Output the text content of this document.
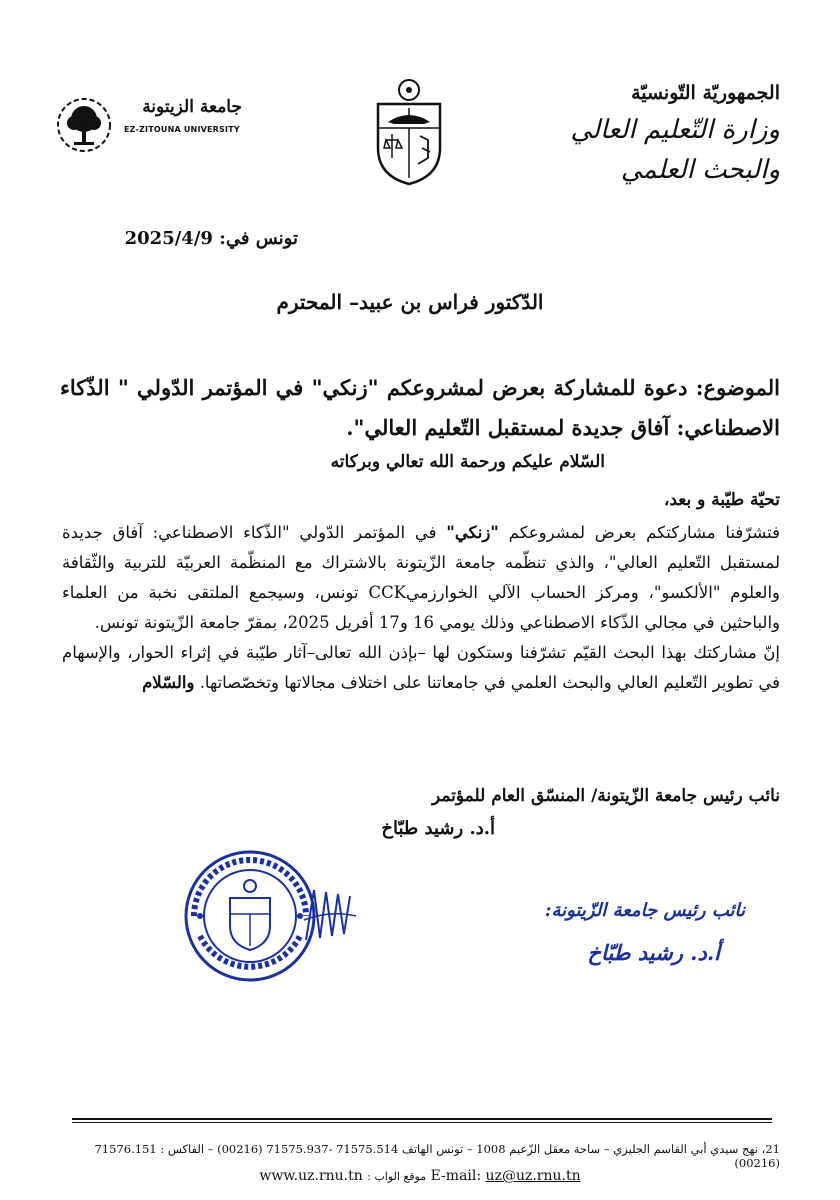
الجمهوريّة التّونسيّة
وزارة التّعليم العالي
والبحث العلمي
جامعة الزيتونة
EZ-ZITOUNA UNIVERSITY
تونس في: 2025/4/9
الدّكتور فراس بن عبيد– المحترم
الموضوع: دعوة للمشاركة بعرض لمشروعكم "زنكي" في المؤتمر الدّولي " الذّكاء الاصطناعي: آفاق جديدة لمستقبل التّعليم العالي".
السّلام عليكم ورحمة الله تعالي وبركاته
تحيّة طيّبة و بعد،

فتشرّفنا مشاركتكم بعرض لمشروعكم "زنكي" في المؤتمر الدّولي "الذّكاء الاصطناعي: آفاق جديدة لمستقبل التّعليم العالي"، والذي تنظّمه جامعة الزّيتونة بالاشتراك مع المنظّمة العربيّة للتربية والثّقافة والعلوم "الألكسو"، ومركز الحساب الآلي الخوارزميCCK تونس، وسيجمع الملتقى نخبة من العلماء والباحثين في مجالي الذّكاء الاصطناعي وذلك يومي 16 و17 أفريل 2025، بمقرّ جامعة الزّيتونة تونس.

إنّ مشاركتك بهذا البحث القيّم تشرّفنا وستكون لها –بإذن الله تعالى–آثار طيّبة في إثراء الحوار، والإسهام في تطوير التّعليم العالي والبحث العلمي في جامعاتنا على اختلاف مجالاتها وتخصّصاتها. والسّلام

نائب رئيس جامعة الزّيتونة/ المنسّق العام للمؤتمر
أ.د. رشيد طبّاخ
نائب رئيس جامعة الزّيتونة:
أ.د. رشيد طبّاخ
21، نهج سيدي أبي القاسم الجليزي – ساحة معقل الزّعيم 1008 – تونس الهاتف 71575.514 -71575.937 (00216) – الفاكس : 71576.151 (00216)
www.uz.rnu.tn : موقع الواب E-mail: uz@uz.rnu.tn
